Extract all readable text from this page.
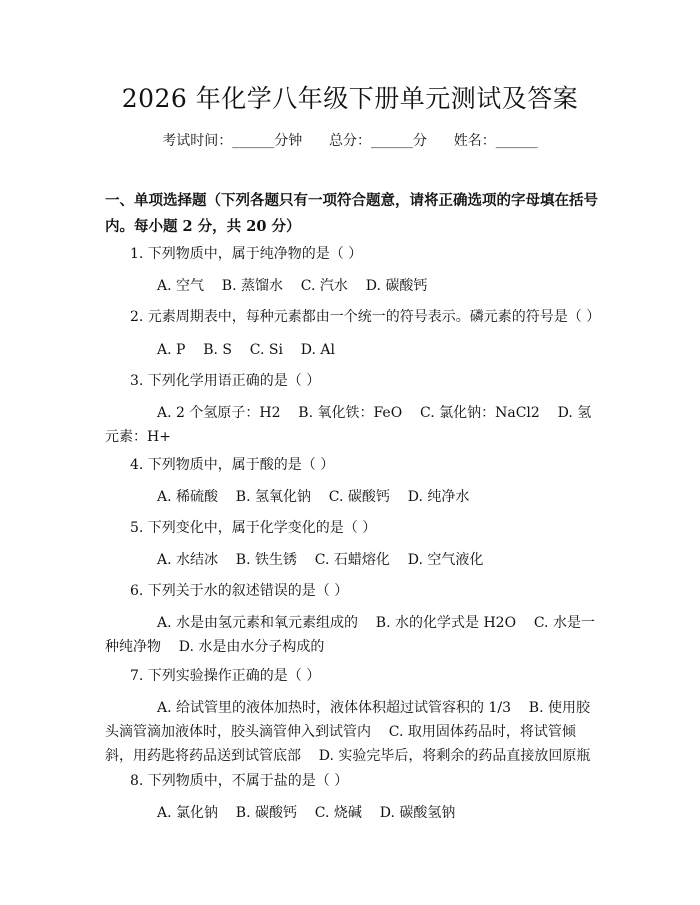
2026 年化学八年级下册单元测试及答案
考试时间：______分钟      总分：______分      姓名：______
一、单项选择题（下列各题只有一项符合题意，请将正确选项的字母填在括号内。每小题 2 分，共 20 分）
1. 下列物质中，属于纯净物的是（ ）
A. 空气    B. 蒸馏水    C. 汽水    D. 碳酸钙
2. 元素周期表中，每种元素都由一个统一的符号表示。磷元素的符号是（ ）
A. P    B. S    C. Si    D. Al
3. 下列化学用语正确的是（ ）
A. 2 个氢原子：H2    B. 氧化铁：FeO    C. 氯化钠：NaCl2    D. 氢元素：H+
4. 下列物质中，属于酸的是（ ）
A. 稀硫酸    B. 氢氧化钠    C. 碳酸钙    D. 纯净水
5. 下列变化中，属于化学变化的是（ ）
A. 水结冰    B. 铁生锈    C. 石蜡熔化    D. 空气液化
6. 下列关于水的叙述错误的是（ ）
A. 水是由氢元素和氧元素组成的    B. 水的化学式是 H2O    C. 水是一种纯净物    D. 水是由水分子构成的
7. 下列实验操作正确的是（ ）
A. 给试管里的液体加热时，液体体积超过试管容积的 1/3    B. 使用胶头滴管滴加液体时，胶头滴管伸入到试管内    C. 取用固体药品时，将试管倾斜，用药匙将药品送到试管底部    D. 实验完毕后，将剩余的药品直接放回原瓶
8. 下列物质中，不属于盐的是（ ）
A. 氯化钠    B. 碳酸钙    C. 烧碱    D. 碳酸氢钠
